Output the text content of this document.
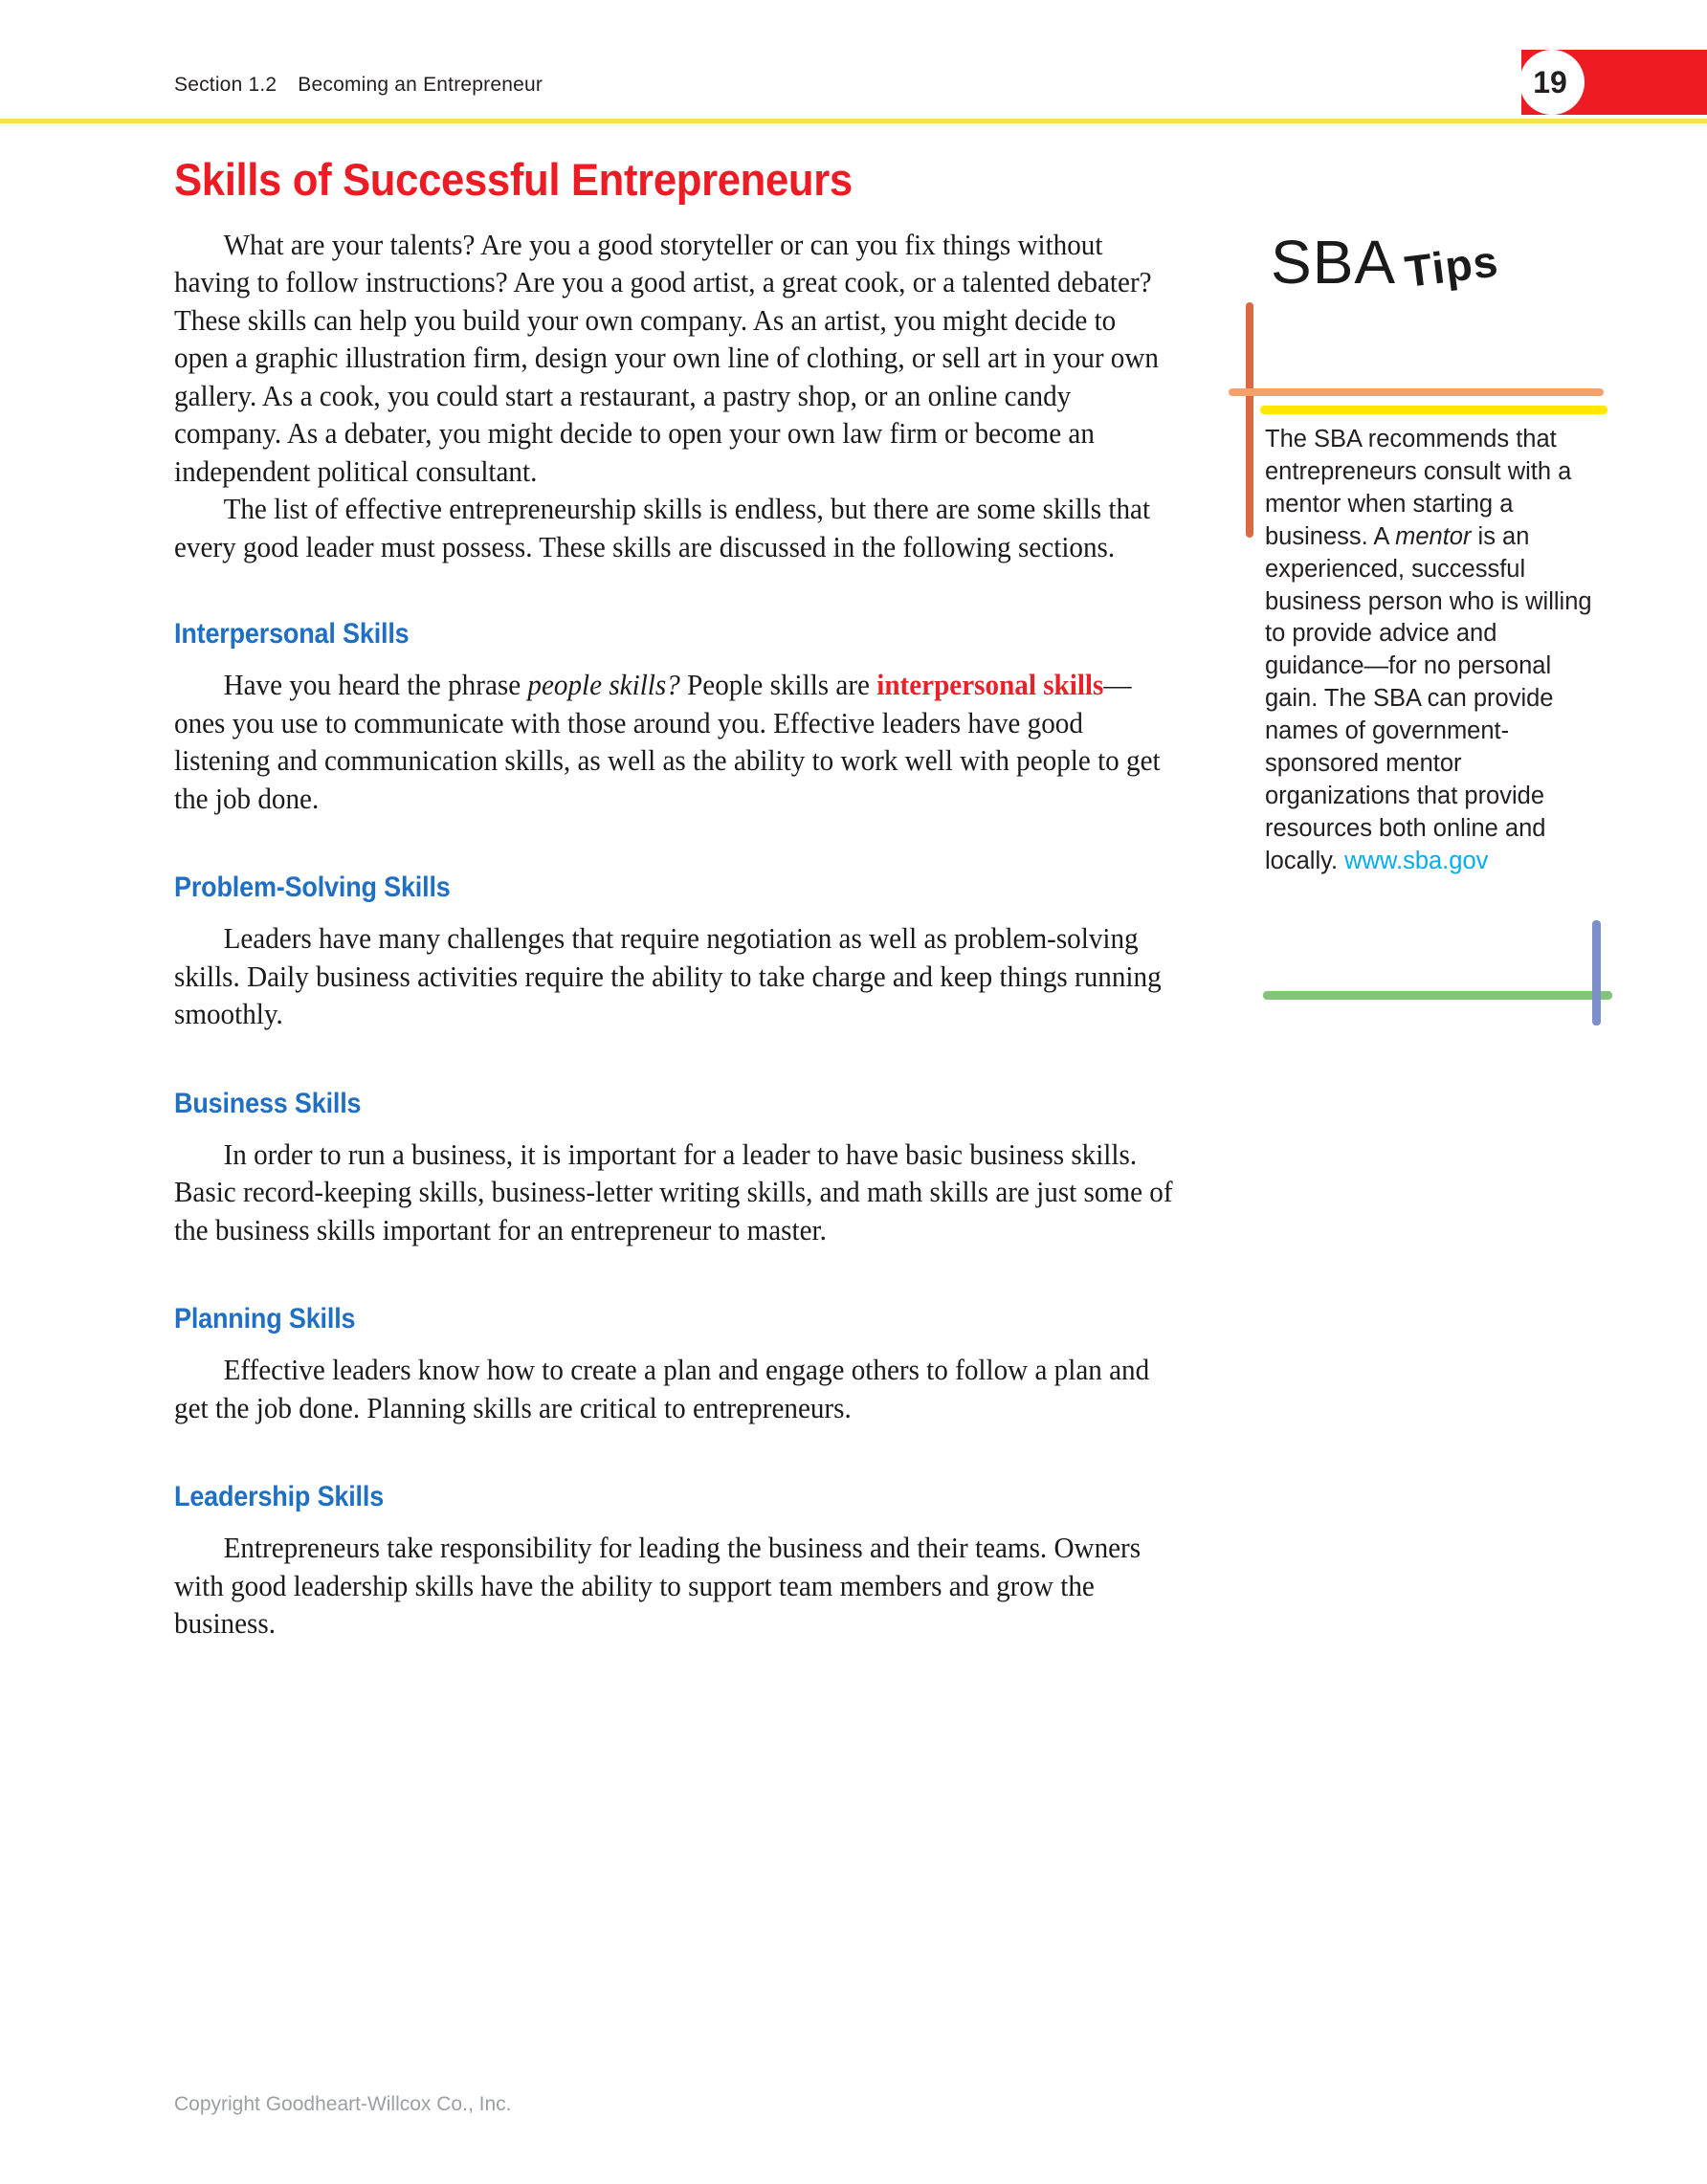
Section 1.2 Becoming an Entrepreneur	19
Skills of Successful Entrepreneurs

What are your talents? Are you a good storyteller or can you fix things without having to follow instructions? Are you a good artist, a great cook, or a talented debater? These skills can help you build your own company. As an artist, you might decide to open a graphic illustration firm, design your own line of clothing, or sell art in your own gallery. As a cook, you could start a restaurant, a pastry shop, or an online candy company. As a debater, you might decide to open your own law firm or become an independent political consultant.

The list of effective entrepreneurship skills is endless, but there are some skills that every good leader must possess. These skills are discussed in the following sections.

Interpersonal Skills

Have you heard the phrase people skills? People skills are interpersonal skills—ones you use to communicate with those around you. Effective leaders have good listening and communication skills, as well as the ability to work well with people to get the job done.

Problem-Solving Skills

Leaders have many challenges that require negotiation as well as problem-solving skills. Daily business activities require the ability to take charge and keep things running smoothly.

Business Skills

In order to run a business, it is important for a leader to have basic business skills. Basic record-keeping skills, business-letter writing skills, and math skills are just some of the business skills important for an entrepreneur to master.

Planning Skills

Effective leaders know how to create a plan and engage others to follow a plan and get the job done. Planning skills are critical to entrepreneurs.

Leadership Skills

Entrepreneurs take responsibility for leading the business and their teams. Owners with good leadership skills have the ability to support team members and grow the business.

SBA Tips
The SBA recommends that entrepreneurs consult with a mentor when starting a business. A mentor is an experienced, successful business person who is willing to provide advice and guidance—for no personal gain. The SBA can provide names of government-sponsored mentor organizations that provide resources both online and locally. www.sba.gov
Copyright Goodheart-Willcox Co., Inc.
